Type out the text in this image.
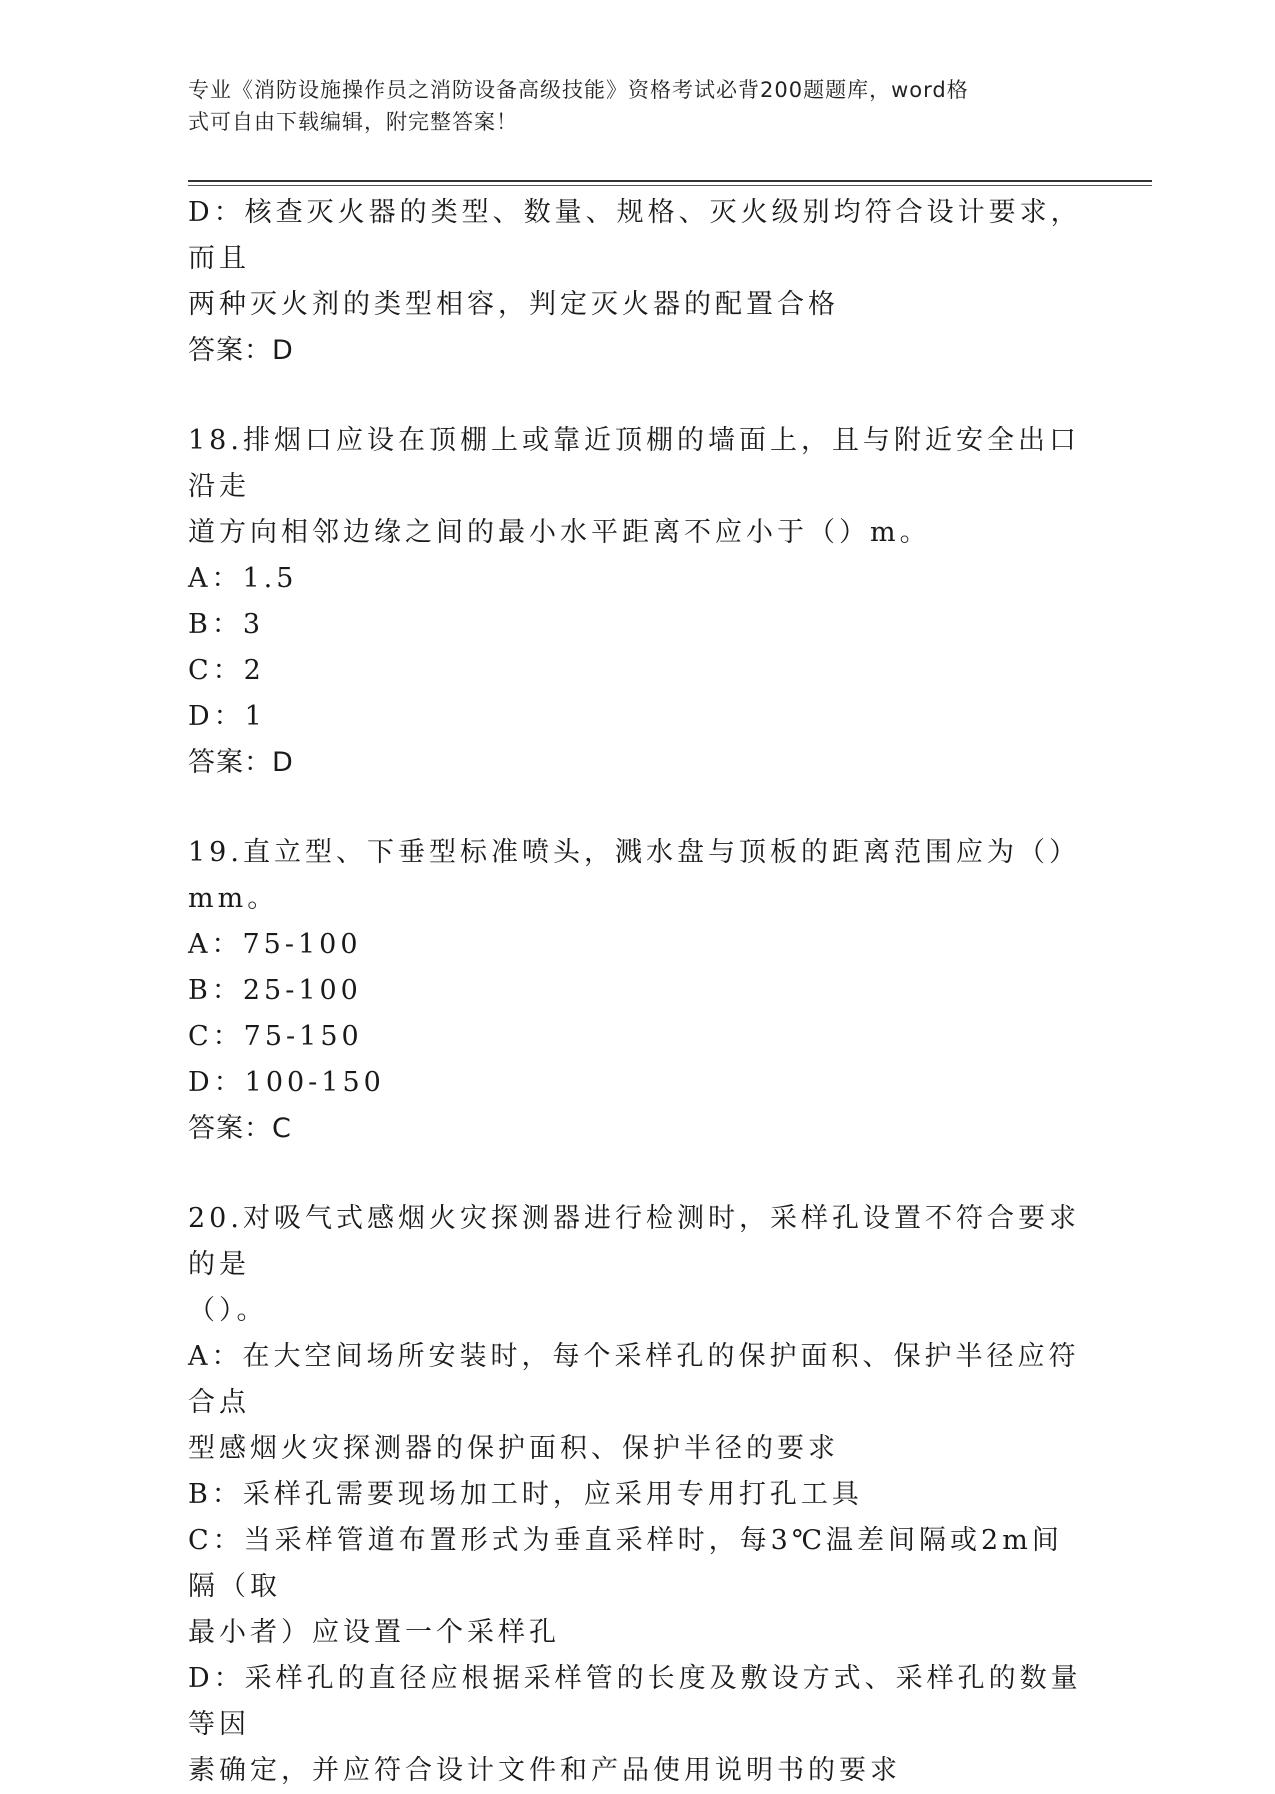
专业《消防设施操作员之消防设备高级技能》资格考试必背200题题库，word格
式可自由下载编辑，附完整答案！

D：核查灭火器的类型、数量、规格、灭火级别均符合设计要求，而且

两种灭火剂的类型相容，判定灭火器的配置合格

答案：D

18.排烟口应设在顶棚上或靠近顶棚的墙面上，且与附近安全出口沿走

道方向相邻边缘之间的最小水平距离不应小于（）m。

A：1.5

B：3

C：2

D：1

答案：D

19.直立型、下垂型标准喷头，溅水盘与顶板的距离范围应为（）mm。

A：75-100

B：25-100

C：75-150

D：100-150

答案：C

20.对吸气式感烟火灾探测器进行检测时，采样孔设置不符合要求的是

（）。

A：在大空间场所安装时，每个采样孔的保护面积、保护半径应符合点

型感烟火灾探测器的保护面积、保护半径的要求

B：采样孔需要现场加工时，应采用专用打孔工具

C：当采样管道布置形式为垂直采样时，每3℃温差间隔或2m间隔（取

最小者）应设置一个采样孔

D：采样孔的直径应根据采样管的长度及敷设方式、采样孔的数量等因

素确定，并应符合设计文件和产品使用说明书的要求
